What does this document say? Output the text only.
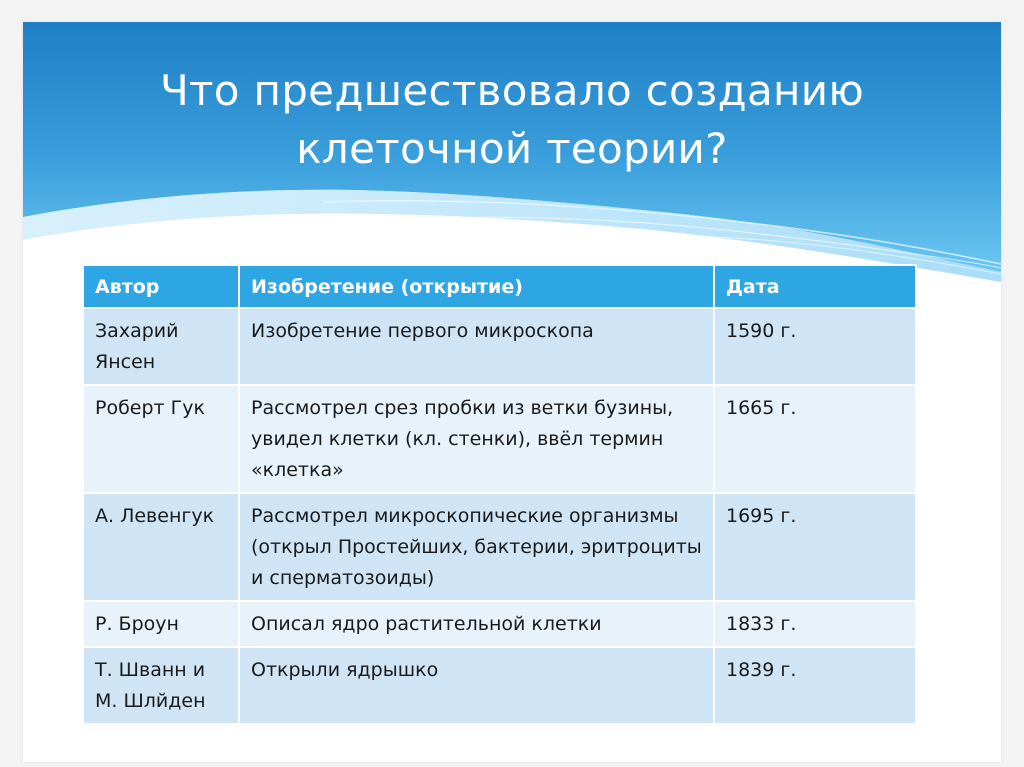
Что предшествовало созданию
клеточной теории?
Автор	Изобретение (открытие)	Дата
Захарий Янсен	Изобретение первого микроскопа	1590 г.
Роберт Гук	Рассмотрел срез пробки из ветки бузины, увидел клетки (кл. стенки), ввёл термин «клетка»	1665 г.
А. Левенгук	Рассмотрел микроскопические организмы (открыл Простейших, бактерии, эритроциты и сперматозоиды)	1695 г.
Р. Броун	Описал ядро растительной клетки	1833 г.
Т. Шванн и М. Шлйден	Открыли ядрышко	1839 г.
